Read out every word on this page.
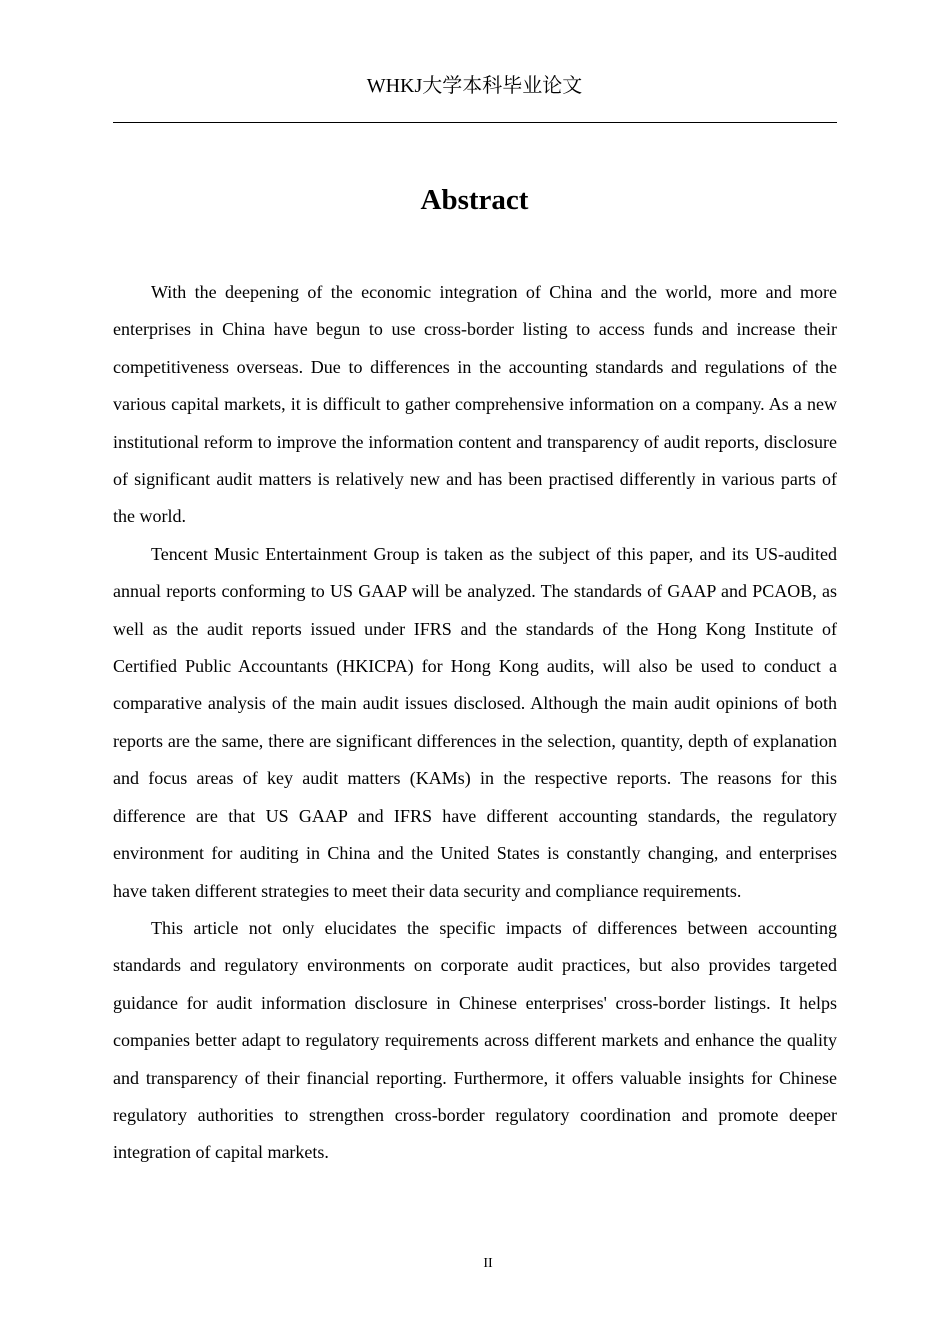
WHKJ大学本科毕业论文
Abstract

With the deepening of the economic integration of China and the world, more and more enterprises in China have begun to use cross-border listing to access funds and increase their competitiveness overseas. Due to differences in the accounting standards and regulations of the various capital markets, it is difficult to gather comprehensive information on a company. As a new institutional reform to improve the information content and transparency of audit reports, disclosure of significant audit matters is relatively new and has been practised differently in various parts of the world.

Tencent Music Entertainment Group is taken as the subject of this paper, and its US-audited annual reports conforming to US GAAP will be analyzed. The standards of GAAP and PCAOB, as well as the audit reports issued under IFRS and the standards of the Hong Kong Institute of Certified Public Accountants (HKICPA) for Hong Kong audits, will also be used to conduct a comparative analysis of the main audit issues disclosed. Although the main audit opinions of both reports are the same, there are significant differences in the selection, quantity, depth of explanation and focus areas of key audit matters (KAMs) in the respective reports. The reasons for this difference are that US GAAP and IFRS have different accounting standards, the regulatory environment for auditing in China and the United States is constantly changing, and enterprises have taken different strategies to meet their data security and compliance requirements.

This article not only elucidates the specific impacts of differences between accounting standards and regulatory environments on corporate audit practices, but also provides targeted guidance for audit information disclosure in Chinese enterprises' cross-border listings. It helps companies better adapt to regulatory requirements across different markets and enhance the quality and transparency of their financial reporting. Furthermore, it offers valuable insights for Chinese regulatory authorities to strengthen cross-border regulatory coordination and promote deeper integration of capital markets.

II
